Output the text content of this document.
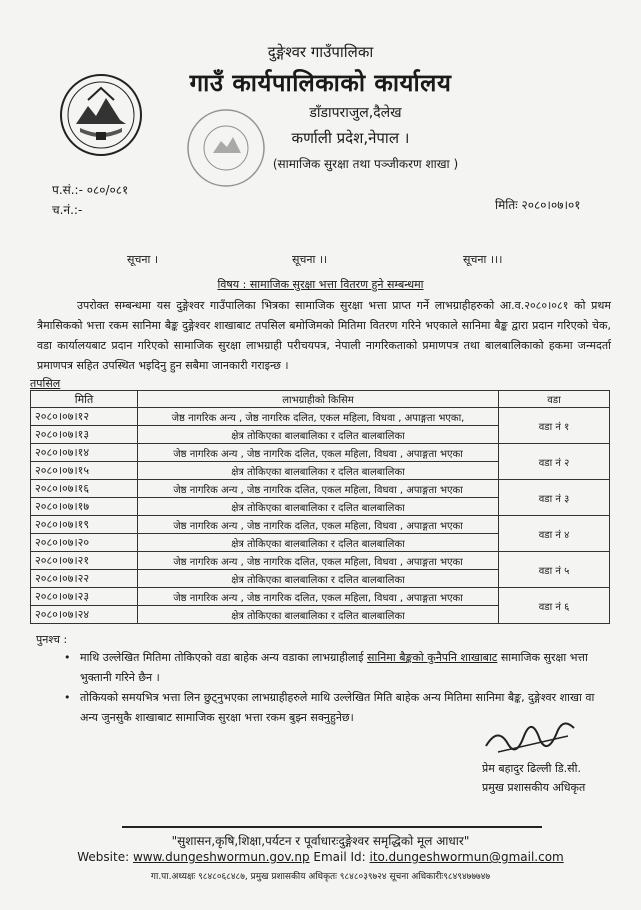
दुङ्गेश्वर गाउँपालिका
गाउँ कार्यपालिकाको कार्यालय
डाँडापराजुल,दैलेख
कर्णाली प्रदेश,नेपाल ।
(सामाजिक सुरक्षा तथा पञ्जीकरण शाखा )
प.सं.:- ०८०/०८१
च.नं.:-	मितिः २०८०।०७।०१
सूचना ।	सूचना ।।	सूचना ।।।
विषय : सामाजिक सुरक्षा भत्ता वितरण हुने सम्बन्धमा
उपरोक्त सम्बन्धमा यस दुङ्गेश्वर गाउँपालिका भित्रका सामाजिक सुरक्षा भत्ता प्राप्त गर्ने लाभग्राहीहरुको आ.व.२०८०।०८१ को प्रथम त्रैमासिकको भत्ता रकम सानिमा बैङ्क दुङ्गेश्वर शाखाबाट तपसिल बमोजिमको मितिमा वितरण गरिने भएकाले सानिमा बैङ्क द्वारा प्रदान गरिएको चेक, वडा कार्यालयबाट प्रदान गरिएको सामाजिक सुरक्षा लाभग्राही परीचयपत्र, नेपाली नागरिकताको प्रमाणपत्र तथा बालबालिकाको हकमा जन्मदर्ता प्रमाणपत्र सहित उपस्थित भइदिनु हुन सबैमा जानकारी गराइन्छ ।
तपसिल
मिति	लाभग्राहीको किसिम	वडा
२०८०।०७।१२	जेष्ठ नागरिक अन्य , जेष्ठ नागरिक दलित, एकल महिला, विधवा , अपाङ्गता भएका,	वडा नं १
२०८०।०७।१३	क्षेत्र तोकिएका बालबालिका र दलित बालबालिका	
२०८०।०७।१४	जेष्ठ नागरिक अन्य , जेष्ठ नागरिक दलित, एकल महिला, विधवा , अपाङ्गता भएका	वडा नं २
२०८०।०७।१५	क्षेत्र तोकिएका बालबालिका र दलित बालबालिका	
२०८०।०७।१६	जेष्ठ नागरिक अन्य , जेष्ठ नागरिक दलित, एकल महिला, विधवा , अपाङ्गता भएका	वडा नं ३
२०८०।०७।१७	क्षेत्र तोकिएका बालबालिका र दलित बालबालिका	
२०८०।०७।१९	जेष्ठ नागरिक अन्य , जेष्ठ नागरिक दलित, एकल महिला, विधवा , अपाङ्गता भएका	वडा नं ४
२०८०।०७।२०	क्षेत्र तोकिएका बालबालिका र दलित बालबालिका	
२०८०।०७।२१	जेष्ठ नागरिक अन्य , जेष्ठ नागरिक दलित, एकल महिला, विधवा , अपाङ्गता भएका	वडा नं ५
२०८०।०७।२२	क्षेत्र तोकिएका बालबालिका र दलित बालबालिका	
२०८०।०७।२३	जेष्ठ नागरिक अन्य , जेष्ठ नागरिक दलित, एकल महिला, विधवा , अपाङ्गता भएका	वडा नं ६
२०८०।०७।२४	क्षेत्र तोकिएका बालबालिका र दलित बालबालिका	
पुनश्च :
• माथि उल्लेखित मितिमा तोकिएको वडा बाहेक अन्य वडाका लाभग्राहीलाई सानिमा बैङ्कको कुनैपनि शाखाबाट सामाजिक सुरक्षा भत्ता भुक्तानी गरिने छैन ।
• तोकियको समयभित्र भत्ता लिन छुट्नुभएका लाभग्राहीहरुले माथि उल्लेखित मिति बाहेक अन्य मितिमा सानिमा बैङ्क, दुङ्गेश्वर शाखा वा अन्य जुनसुकै शाखाबाट सामाजिक सुरक्षा भत्ता रकम बुझ्न सक्नुहुनेछ।
प्रेम बहादुर ढिल्ली डि.सी.
प्रमुख प्रशासकीय अधिकृत
"सुशासन,कृषि,शिक्षा,पर्यटन र पूर्वाधारःदुङ्गेश्वर समृद्धिको मूल आधार"
Website: www.dungeshwormun.gov.np Email Id: ito.dungeshwormun@gmail.com
गा.पा.अध्यक्षः ९८४८०६८४८७, प्रमुख प्रशासकीय अधिकृतः ९८४८०३९७२४ सूचना अधिकारीः९८४९४७७७४७
